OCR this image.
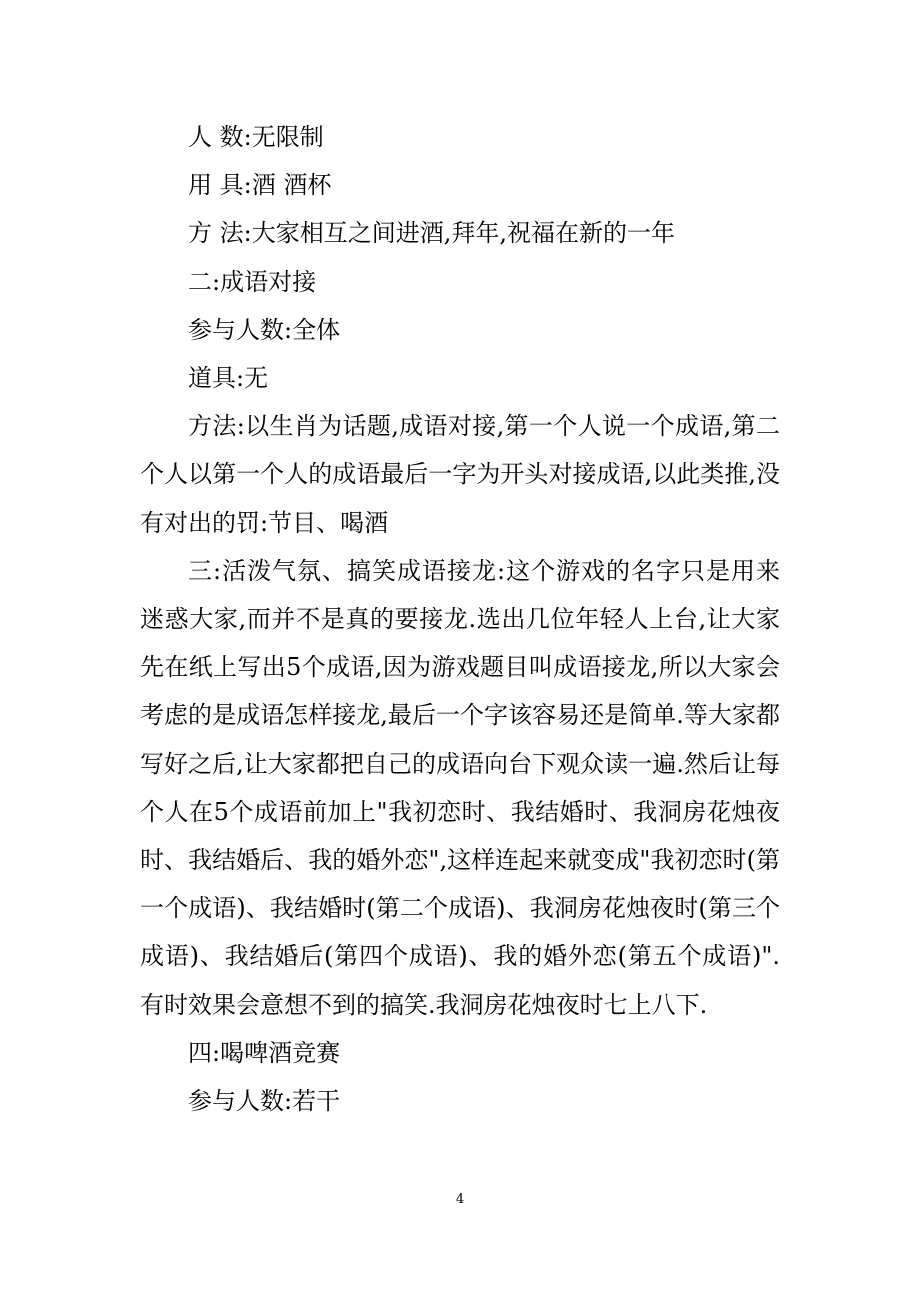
人 数:无限制

用 具:酒 酒杯

方 法:大家相互之间进酒,拜年,祝福在新的一年

二:成语对接

参与人数:全体

道具:无

方法:以生肖为话题,成语对接,第一个人说一个成语,第二个人以第一个人的成语最后一字为开头对接成语,以此类推,没有对出的罚:节目、喝酒

三:活泼气氛、搞笑成语接龙:这个游戏的名字只是用来迷惑大家,而并不是真的要接龙.选出几位年轻人上台,让大家先在纸上写出5个成语,因为游戏题目叫成语接龙,所以大家会考虑的是成语怎样接龙,最后一个字该容易还是简单.等大家都写好之后,让大家都把自己的成语向台下观众读一遍.然后让每个人在5个成语前加上"我初恋时、我结婚时、我洞房花烛夜时、我结婚后、我的婚外恋",这样连起来就变成"我初恋时(第一个成语)、我结婚时(第二个成语)、我洞房花烛夜时(第三个成语)、我结婚后(第四个成语)、我的婚外恋(第五个成语)".有时效果会意想不到的搞笑.我洞房花烛夜时七上八下.

四:喝啤酒竞赛

参与人数:若干

4
